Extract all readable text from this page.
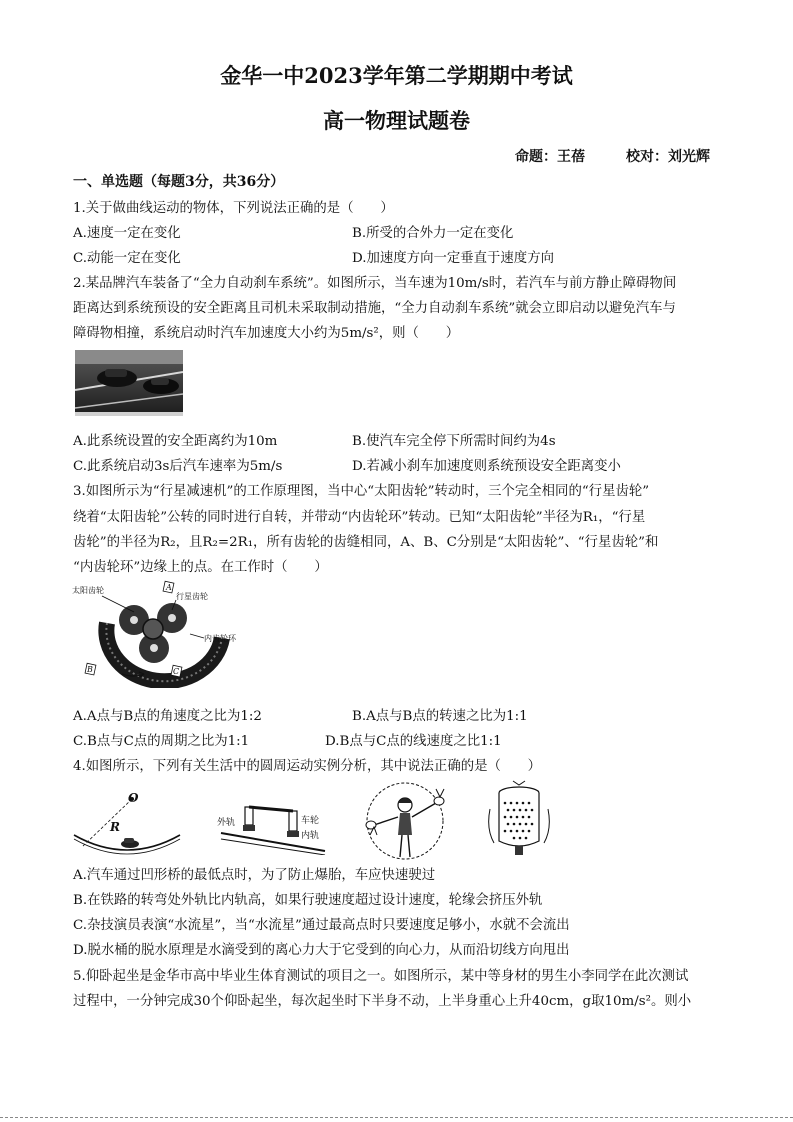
金华一中2023学年第二学期期中考试
高一物理试题卷
命题：王蓓	校对：刘光辉
一、单选题（每题3分，共36分）
1.关于做曲线运动的物体，下列说法正确的是（　　）
A.速度一定在变化	B.所受的合外力一定在变化
C.动能一定在变化	D.加速度方向一定垂直于速度方向
2.某品牌汽车装备了“全力自动刹车系统”。如图所示，当车速为10m/s时，若汽车与前方静止障碍物间
距离达到系统预设的安全距离且司机未采取制动措施，“全力自动刹车系统”就会立即启动以避免汽车与
障碍物相撞，系统启动时汽车加速度大小约为5m/s²，则（　　）
A.此系统设置的安全距离约为10m	B.使汽车完全停下所需时间约为4s
C.此系统启动3s后汽车速率为5m/s	D.若减小刹车加速度则系统预设安全距离变小
3.如图所示为“行星减速机”的工作原理图，当中心“太阳齿轮”转动时，三个完全相同的“行星齿轮”
绕着“太阳齿轮”公转的同时进行自转，并带动“内齿轮环”转动。已知“太阳齿轮”半径为R₁，“行星
齿轮”的半径为R₂，且R₂=2R₁，所有齿轮的齿缝相同，A、B、C分别是“太阳齿轮”、“行星齿轮”和
“内齿轮环”边缘上的点。在工作时（　　）
太阳齿轮
行星齿轮
内齿轮环
A
B	C
A.A点与B点的角速度之比为1:2	B.A点与B点的转速之比为1:1
C.B点与C点的周期之比为1:1	D.B点与C点的线速度之比1:1
4.如图所示，下列有关生活中的圆周运动实例分析，其中说法正确的是（　　）
O
R	外轨	车轮
内轨
A.汽车通过凹形桥的最低点时，为了防止爆胎，车应快速驶过
B.在铁路的转弯处外轨比内轨高，如果行驶速度超过设计速度，轮缘会挤压外轨
C.杂技演员表演“水流星”，当“水流星”通过最高点时只要速度足够小，水就不会流出
D.脱水桶的脱水原理是水滴受到的离心力大于它受到的向心力，从而沿切线方向甩出
5.仰卧起坐是金华市高中毕业生体育测试的项目之一。如图所示，某中等身材的男生小李同学在此次测试
过程中，一分钟完成30个仰卧起坐，每次起坐时下半身不动，上半身重心上升40cm，g取10m/s²。则小
